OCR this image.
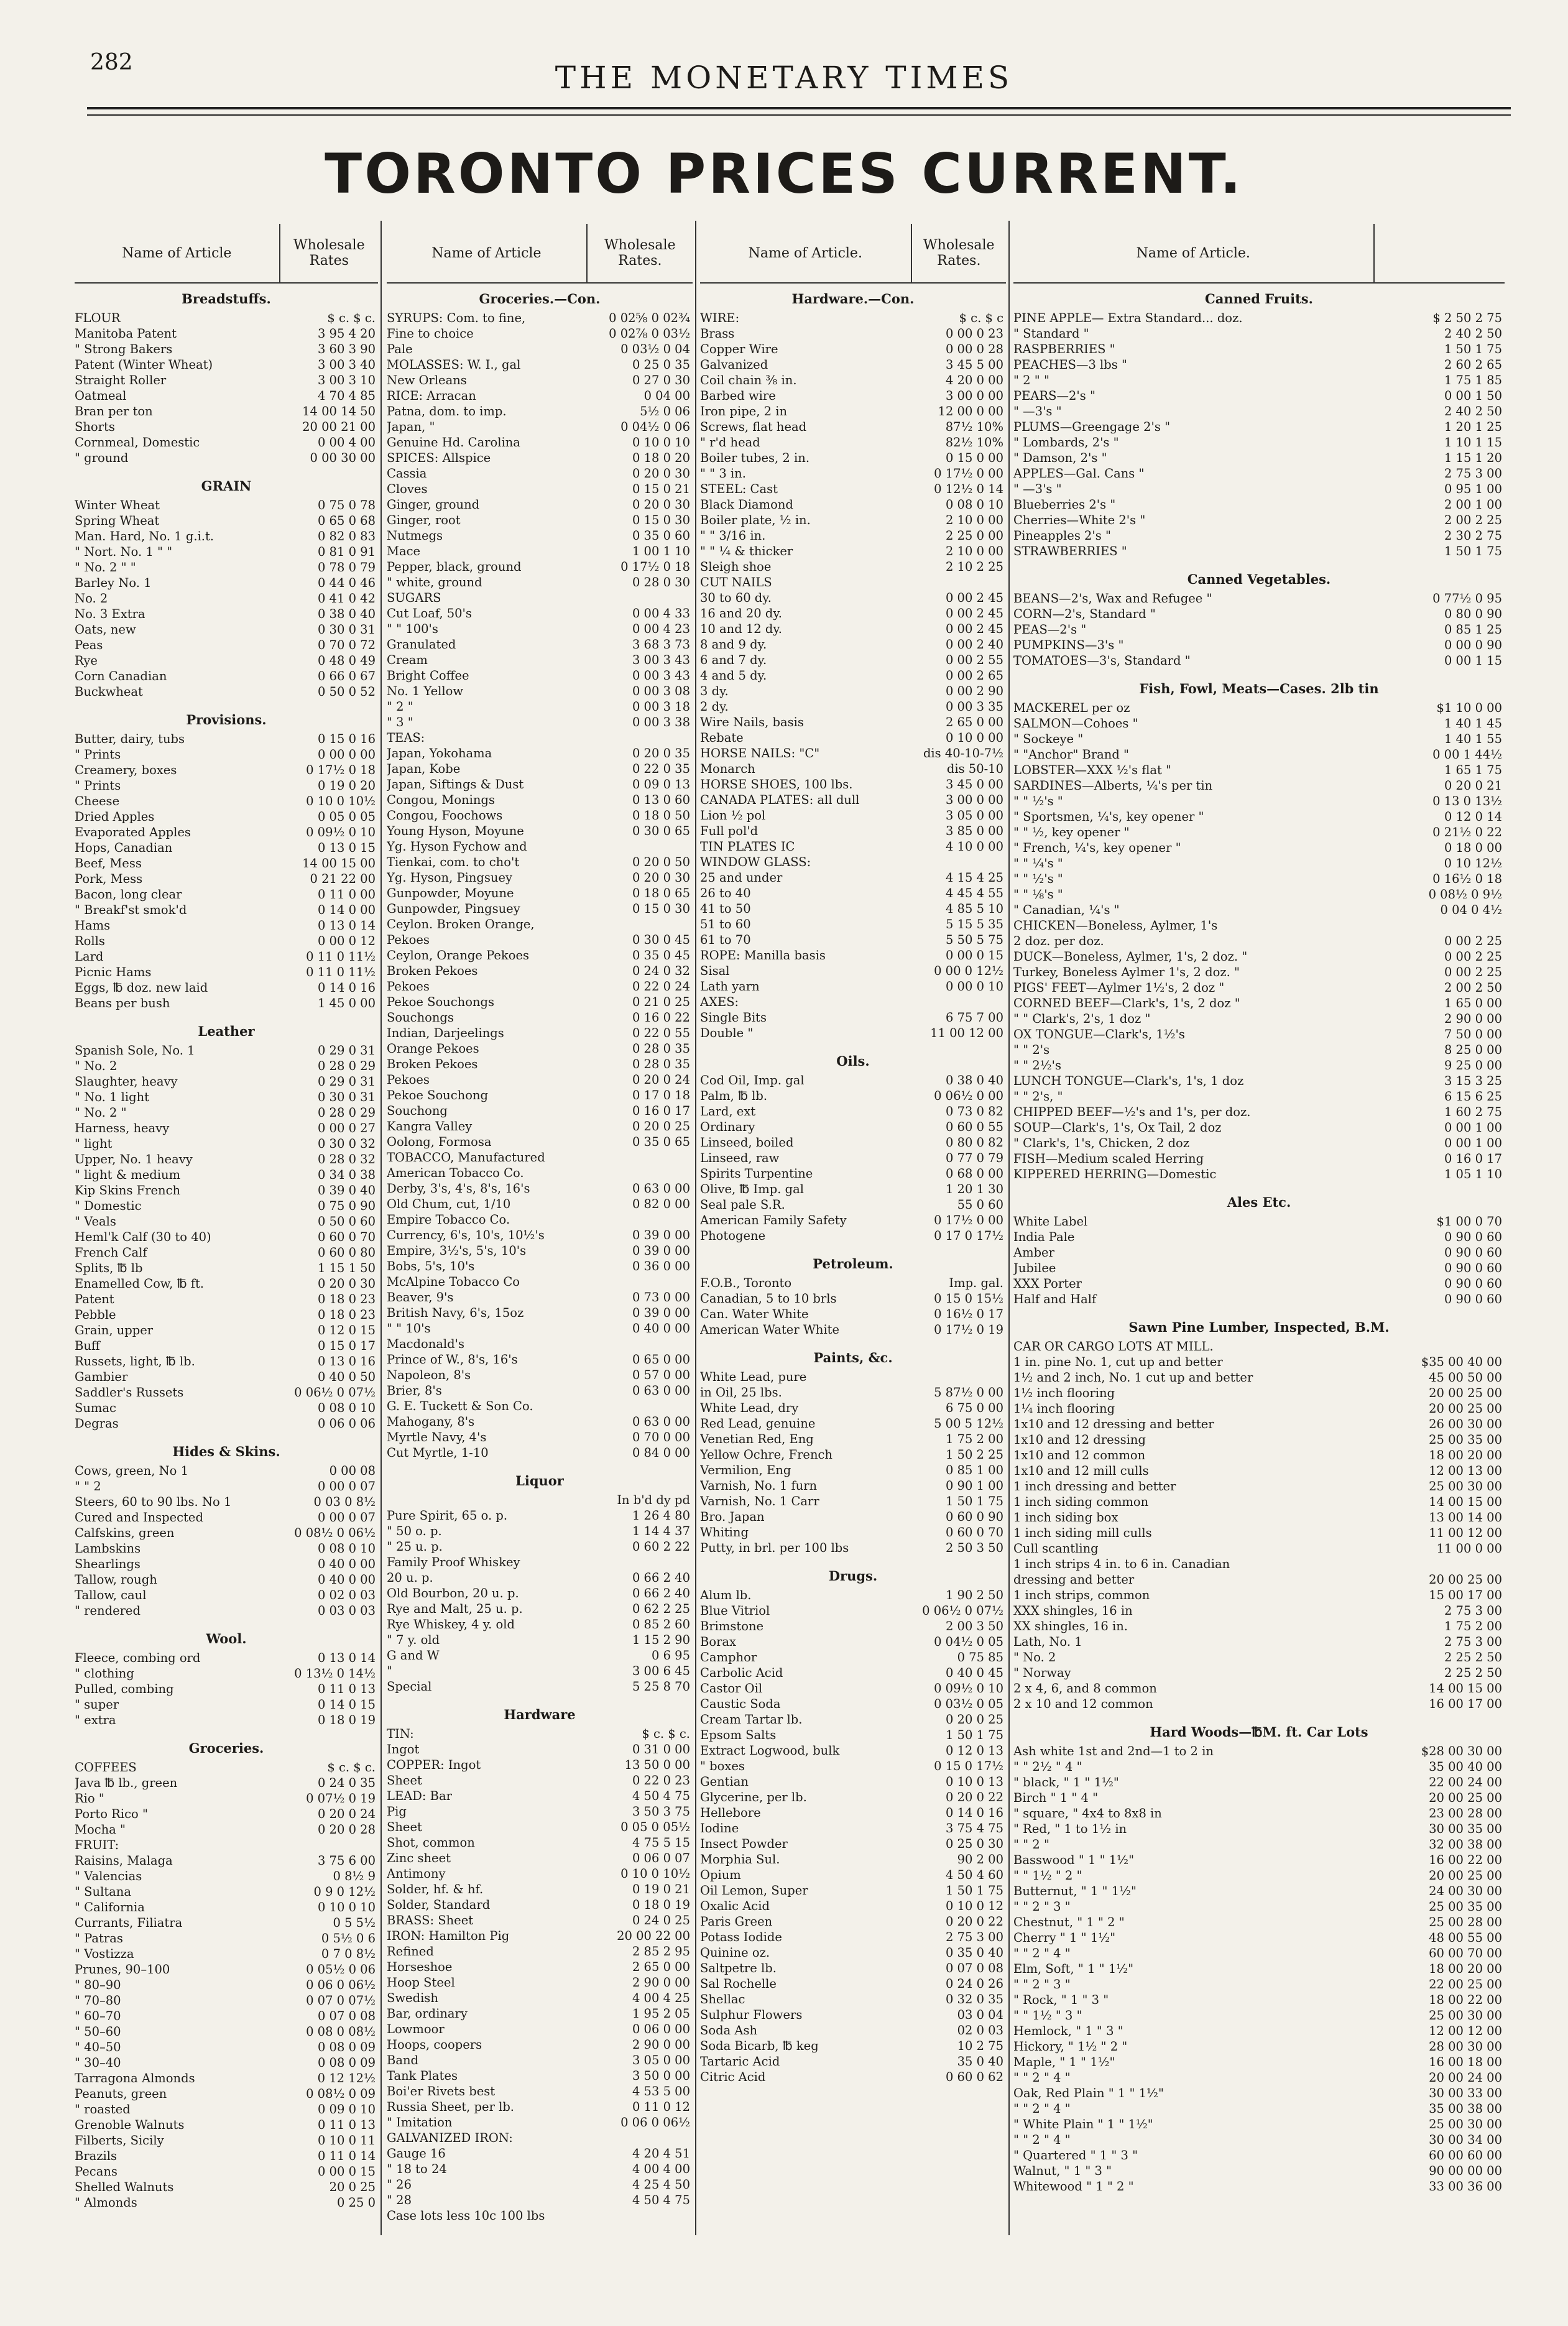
282	THE MONETARY TIMES
TORONTO PRICES CURRENT.
Name of Article	Wholesale Rates
Breadstuffs.
FLOUR	$ c. $ c.
Manitoba Patent	3 95 4 20
" Strong Bakers	3 60 3 90
Patent (Winter Wheat)	3 00 3 40
Straight Roller	3 00 3 10
Oatmeal	4 70 4 85
Bran per ton	14 00 14 50
Shorts	20 00 21 00
Cornmeal, Domestic	0 00 4 00
" ground	0 00 30 00
GRAIN
Winter Wheat	0 75 0 78
Spring Wheat	0 65 0 68
Man. Hard, No. 1 g.i.t.	0 82 0 83
" Nort. No. 1 " "	0 81 0 91
" No. 2 " "	0 78 0 79
Barley No. 1	0 44 0 46
No. 2	0 41 0 42
No. 3 Extra	0 38 0 40
Oats, new	0 30 0 31
Peas	0 70 0 72
Rye	0 48 0 49
Corn Canadian	0 66 0 67
Buckwheat	0 50 0 52
Provisions.
Butter, dairy, tubs	0 15 0 16
" Prints	0 00 0 00
Creamery, boxes	0 17½ 0 18
" Prints	0 19 0 20
Cheese	0 10 0 10½
Dried Apples	0 05 0 05
Evaporated Apples	0 09½ 0 10
Hops, Canadian	0 13 0 15
Beef, Mess	14 00 15 00
Pork, Mess	0 21 22 00
Bacon, long clear	0 11 0 00
" Breakf'st smok'd	0 14 0 00
Hams	0 13 0 14
Rolls	0 00 0 12
Lard	0 11 0 11½
Picnic Hams	0 11 0 11½
Eggs, ℔ doz. new laid	0 14 0 16
Beans per bush	1 45 0 00
Leather
Spanish Sole, No. 1	0 29 0 31
" No. 2	0 28 0 29
Slaughter, heavy	0 29 0 31
" No. 1 light	0 30 0 31
" No. 2 "	0 28 0 29
Harness, heavy	0 00 0 27
" light	0 30 0 32
Upper, No. 1 heavy	0 28 0 32
" light & medium	0 34 0 38
Kip Skins French	0 39 0 40
" Domestic	0 75 0 90
" Veals	0 50 0 60
Heml'k Calf (30 to 40)	0 60 0 70
French Calf	0 60 0 80
Splits, ℔ lb	1 15 1 50
Enamelled Cow, ℔ ft.	0 20 0 30
Patent	0 18 0 23
Pebble	0 18 0 23
Grain, upper	0 12 0 15
Buff	0 15 0 17
Russets, light, ℔ lb.	0 13 0 16
Gambier	0 40 0 50
Saddler's Russets	0 06½ 0 07½
Sumac	0 08 0 10
Degras	0 06 0 06
Hides & Skins.
Cows, green, No 1	0 00 08
" " 2	0 00 0 07
Steers, 60 to 90 lbs. No 1	0 03 0 8½
Cured and Inspected	0 00 0 07
Calfskins, green	0 08½ 0 06½
Lambskins	0 08 0 10
Shearlings	0 40 0 00
Tallow, rough	0 40 0 00
Tallow, caul	0 02 0 03
" rendered	0 03 0 03
Wool.
Fleece, combing ord	0 13 0 14
" clothing	0 13½ 0 14½
Pulled, combing	0 11 0 13
" super	0 14 0 15
" extra	0 18 0 19
Groceries.
COFFEES	$ c. $ c.
Java ℔ lb., green	0 24 0 35
Rio "	0 07½ 0 19
Porto Rico "	0 20 0 24
Mocha "	0 20 0 28
FRUIT:
Raisins, Malaga	3 75 6 00
" Valencias	0 8½ 9
" Sultana	0 9 0 12½
" California	0 10 0 10
Currants, Filiatra	0 5 5½
" Patras	0 5½ 0 6
" Vostizza	0 7 0 8½
Prunes, 90–100	0 05½ 0 06
" 80–90	0 06 0 06½
" 70–80	0 07 0 07½
" 60–70	0 07 0 08
" 50–60	0 08 0 08½
" 40–50	0 08 0 09
" 30–40	0 08 0 09
Tarragona Almonds	0 12 12½
Peanuts, green	0 08½ 0 09
" roasted	0 09 0 10
Grenoble Walnuts	0 11 0 13
Filberts, Sicily	0 10 0 11
Brazils	0 11 0 14
Pecans	0 00 0 15
Shelled Walnuts	20 0 25
" Almonds	0 25 0
Name of Article	Wholesale Rates.
Groceries.—Con.
SYRUPS: Com. to fine,	0 02⅝ 0 02¾
Fine to choice	0 02⅞ 0 03½
Pale	0 03½ 0 04
MOLASSES: W. I., gal	0 25 0 35
New Orleans	0 27 0 30
RICE: Arracan	0 04 00
Patna, dom. to imp.	5½ 0 06
Japan, "	0 04½ 0 06
Genuine Hd. Carolina	0 10 0 10
SPICES: Allspice	0 18 0 20
Cassia	0 20 0 30
Cloves	0 15 0 21
Ginger, ground	0 20 0 30
Ginger, root	0 15 0 30
Nutmegs	0 35 0 60
Mace	1 00 1 10
Pepper, black, ground	0 17½ 0 18
" white, ground	0 28 0 30
SUGARS
Cut Loaf, 50's	0 00 4 33
" " 100's	0 00 4 23
Granulated	3 68 3 73
Cream	3 00 3 43
Bright Coffee	0 00 3 43
No. 1 Yellow	0 00 3 08
" 2 "	0 00 3 18
" 3 "	0 00 3 38
TEAS:
Japan, Yokohama	0 20 0 35
Japan, Kobe	0 22 0 35
Japan, Siftings & Dust	0 09 0 13
Congou, Monings	0 13 0 60
Congou, Foochows	0 18 0 50
Young Hyson, Moyune	0 30 0 65
Yg. Hyson Fychow and
Tienkai, com. to cho't	0 20 0 50
Yg. Hyson, Pingsuey	0 20 0 30
Gunpowder, Moyune	0 18 0 65
Gunpowder, Pingsuey	0 15 0 30
Ceylon. Broken Orange,
Pekoes	0 30 0 45
Ceylon, Orange Pekoes	0 35 0 45
Broken Pekoes	0 24 0 32
Pekoes	0 22 0 24
Pekoe Souchongs	0 21 0 25
Souchongs	0 16 0 22
Indian, Darjeelings	0 22 0 55
Orange Pekoes	0 28 0 35
Broken Pekoes	0 28 0 35
Pekoes	0 20 0 24
Pekoe Souchong	0 17 0 18
Souchong	0 16 0 17
Kangra Valley	0 20 0 25
Oolong, Formosa	0 35 0 65
TOBACCO, Manufactured
American Tobacco Co.
Derby, 3's, 4's, 8's, 16's	0 63 0 00
Old Chum, cut, 1/10	0 82 0 00
Empire Tobacco Co.
Currency, 6's, 10's, 10½'s	0 39 0 00
Empire, 3½'s, 5's, 10's	0 39 0 00
Bobs, 5's, 10's	0 36 0 00
McAlpine Tobacco Co
Beaver, 9's	0 73 0 00
British Navy, 6's, 15oz	0 39 0 00
" " 10's	0 40 0 00
Macdonald's
Prince of W., 8's, 16's	0 65 0 00
Napoleon, 8's	0 57 0 00
Brier, 8's	0 63 0 00
G. E. Tuckett & Son Co.
Mahogany, 8's	0 63 0 00
Myrtle Navy, 4's	0 70 0 00
Cut Myrtle, 1-10	0 84 0 00
Liquor
In b'd dy pd
Pure Spirit, 65 o. p.	1 26 4 80
" 50 o. p.	1 14 4 37
" 25 u. p.	0 60 2 22
Family Proof Whiskey
20 u. p.	0 66 2 40
Old Bourbon, 20 u. p.	0 66 2 40
Rye and Malt, 25 u. p.	0 62 2 25
Rye Whiskey, 4 y. old	0 85 2 60
" 7 y. old	1 15 2 90
G and W	0 6 95
"	3 00 6 45
Special	5 25 8 70
Hardware
TIN:	$ c. $ c.
Ingot	0 31 0 00
COPPER: Ingot	13 50 0 00
Sheet	0 22 0 23
LEAD: Bar	4 50 4 75
Pig	3 50 3 75
Sheet	0 05 0 05½
Shot, common	4 75 5 15
Zinc sheet	0 06 0 07
Antimony	0 10 0 10½
Solder, hf. & hf.	0 19 0 21
Solder, Standard	0 18 0 19
BRASS: Sheet	0 24 0 25
IRON: Hamilton Pig	20 00 22 00
Refined	2 85 2 95
Horseshoe	2 65 0 00
Hoop Steel	2 90 0 00
Swedish	4 00 4 25
Bar, ordinary	1 95 2 05
Lowmoor	0 06 0 00
Hoops, coopers	2 90 0 00
Band	3 05 0 00
Tank Plates	3 50 0 00
Boi'er Rivets best	4 53 5 00
Russia Sheet, per lb.	0 11 0 12
" Imitation	0 06 0 06½
GALVANIZED IRON:
Gauge 16	4 20 4 51
" 18 to 24	4 00 4 00
" 26	4 25 4 50
" 28	4 50 4 75
Case lots less 10c 100 lbs
Name of Article.	Wholesale Rates.
Hardware.—Con.
WIRE:	$ c. $ c
Brass	0 00 0 23
Copper Wire	0 00 0 28
Galvanized	3 45 5 00
Coil chain ⅜ in.	4 20 0 00
Barbed wire	3 00 0 00
Iron pipe, 2 in	12 00 0 00
Screws, flat head	87½ 10%
" r'd head	82½ 10%
Boiler tubes, 2 in.	0 15 0 00
" " 3 in.	0 17½ 0 00
STEEL: Cast	0 12½ 0 14
Black Diamond	0 08 0 10
Boiler plate, ½ in.	2 10 0 00
" " 3/16 in.	2 25 0 00
" " ¼ & thicker	2 10 0 00
Sleigh shoe	2 10 2 25
CUT NAILS
30 to 60 dy.	0 00 2 45
16 and 20 dy.	0 00 2 45
10 and 12 dy.	0 00 2 45
8 and 9 dy.	0 00 2 40
6 and 7 dy.	0 00 2 55
4 and 5 dy.	0 00 2 65
3 dy.	0 00 2 90
2 dy.	0 00 3 35
Wire Nails, basis	2 65 0 00
Rebate	0 10 0 00
HORSE NAILS: "C"	dis 40-10-7½
Monarch	dis 50-10
HORSE SHOES, 100 lbs.	3 45 0 00
CANADA PLATES: all dull	3 00 0 00
Lion ½ pol	3 05 0 00
Full pol'd	3 85 0 00
TIN PLATES IC	4 10 0 00
WINDOW GLASS:
25 and under	4 15 4 25
26 to 40	4 45 4 55
41 to 50	4 85 5 10
51 to 60	5 15 5 35
61 to 70	5 50 5 75
ROPE: Manilla basis	0 00 0 15
Sisal	0 00 0 12½
Lath yarn	0 00 0 10
AXES:
Single Bits	6 75 7 00
Double "	11 00 12 00
Oils.
Cod Oil, Imp. gal	0 38 0 40
Palm, ℔ lb.	0 06½ 0 00
Lard, ext	0 73 0 82
Ordinary	0 60 0 55
Linseed, boiled	0 80 0 82
Linseed, raw	0 77 0 79
Spirits Turpentine	0 68 0 00
Olive, ℔ Imp. gal	1 20 1 30
Seal pale S.R.	55 0 60
American Family Safety	0 17½ 0 00
Photogene	0 17 0 17½
Petroleum.
F.O.B., Toronto	Imp. gal.
Canadian, 5 to 10 brls	0 15 0 15½
Can. Water White	0 16½ 0 17
American Water White	0 17½ 0 19
Paints, &c.
White Lead, pure
in Oil, 25 lbs.	5 87½ 0 00
White Lead, dry	6 75 0 00
Red Lead, genuine	5 00 5 12½
Venetian Red, Eng	1 75 2 00
Yellow Ochre, French	1 50 2 25
Vermilion, Eng	0 85 1 00
Varnish, No. 1 furn	0 90 1 00
Varnish, No. 1 Carr	1 50 1 75
Bro. Japan	0 60 0 90
Whiting	0 60 0 70
Putty, in brl. per 100 lbs	2 50 3 50
Drugs.
Alum lb.	1 90 2 50
Blue Vitriol	0 06½ 0 07½
Brimstone	2 00 3 50
Borax	0 04½ 0 05
Camphor	0 75 85
Carbolic Acid	0 40 0 45
Castor Oil	0 09½ 0 10
Caustic Soda	0 03½ 0 05
Cream Tartar lb.	0 20 0 25
Epsom Salts	1 50 1 75
Extract Logwood, bulk	0 12 0 13
" boxes	0 15 0 17½
Gentian	0 10 0 13
Glycerine, per lb.	0 20 0 22
Hellebore	0 14 0 16
Iodine	3 75 4 75
Insect Powder	0 25 0 30
Morphia Sul.	90 2 00
Opium	4 50 4 60
Oil Lemon, Super	1 50 1 75
Oxalic Acid	0 10 0 12
Paris Green	0 20 0 22
Potass Iodide	2 75 3 00
Quinine oz.	0 35 0 40
Saltpetre lb.	0 07 0 08
Sal Rochelle	0 24 0 26
Shellac	0 32 0 35
Sulphur Flowers	03 0 04
Soda Ash	02 0 03
Soda Bicarb, ℔ keg	10 2 75
Tartaric Acid	35 0 40
Citric Acid	0 60 0 62
Name of Article.
Canned Fruits.
PINE APPLE— Extra Standard... doz.	$ 2 50 2 75
" Standard "	2 40 2 50
RASPBERRIES "	1 50 1 75
PEACHES—3 lbs "	2 60 2 65
" 2 " "	1 75 1 85
PEARS—2's "	0 00 1 50
" —3's "	2 40 2 50
PLUMS—Greengage 2's "	1 20 1 25
" Lombards, 2's "	1 10 1 15
" Damson, 2's "	1 15 1 20
APPLES—Gal. Cans "	2 75 3 00
" —3's "	0 95 1 00
Blueberries 2's "	2 00 1 00
Cherries—White 2's "	2 00 2 25
Pineapples 2's "	2 30 2 75
STRAWBERRIES "	1 50 1 75
Canned Vegetables.
BEANS—2's, Wax and Refugee "	0 77½ 0 95
CORN—2's, Standard "	0 80 0 90
PEAS—2's "	0 85 1 25
PUMPKINS—3's "	0 00 0 90
TOMATOES—3's, Standard "	0 00 1 15
Fish, Fowl, Meats—Cases. 2lb tin
MACKEREL per oz	$1 10 0 00
SALMON—Cohoes "	1 40 1 45
" Sockeye "	1 40 1 55
" "Anchor" Brand "	0 00 1 44½
LOBSTER—XXX ½'s flat "	1 65 1 75
SARDINES—Alberts, ¼'s per tin	0 20 0 21
" " ½'s "	0 13 0 13½
" Sportsmen, ¼'s, key opener "	0 12 0 14
" " ½, key opener "	0 21½ 0 22
" French, ¼'s, key opener "	0 18 0 00
" " ¼'s "	0 10 12½
" " ½'s "	0 16½ 0 18
" " ⅛'s "	0 08½ 0 9½
" Canadian, ¼'s "	0 04 0 4½
CHICKEN—Boneless, Aylmer, 1's
2 doz. per doz.	0 00 2 25
DUCK—Boneless, Aylmer, 1's, 2 doz. "	0 00 2 25
Turkey, Boneless Aylmer 1's, 2 doz. "	0 00 2 25
PIGS' FEET—Aylmer 1½'s, 2 doz "	2 00 2 50
CORNED BEEF—Clark's, 1's, 2 doz "	1 65 0 00
" " Clark's, 2's, 1 doz "	2 90 0 00
OX TONGUE—Clark's, 1½'s	7 50 0 00
" " 2's	8 25 0 00
" " 2½'s	9 25 0 00
LUNCH TONGUE—Clark's, 1's, 1 doz	3 15 3 25
" " 2's, "	6 15 6 25
CHIPPED BEEF—½'s and 1's, per doz.	1 60 2 75
SOUP—Clark's, 1's, Ox Tail, 2 doz	0 00 1 00
" Clark's, 1's, Chicken, 2 doz	0 00 1 00
FISH—Medium scaled Herring	0 16 0 17
KIPPERED HERRING—Domestic	1 05 1 10
Ales Etc.
White Label	$1 00 0 70
India Pale	0 90 0 60
Amber	0 90 0 60
Jubilee	0 90 0 60
XXX Porter	0 90 0 60
Half and Half	0 90 0 60
Sawn Pine Lumber, Inspected, B.M.
CAR OR CARGO LOTS AT MILL.
1 in. pine No. 1, cut up and better	$35 00 40 00
1½ and 2 inch, No. 1 cut up and better	45 00 50 00
1½ inch flooring	20 00 25 00
1¼ inch flooring	20 00 25 00
1x10 and 12 dressing and better	26 00 30 00
1x10 and 12 dressing	25 00 35 00
1x10 and 12 common	18 00 20 00
1x10 and 12 mill culls	12 00 13 00
1 inch dressing and better	25 00 30 00
1 inch siding common	14 00 15 00
1 inch siding box	13 00 14 00
1 inch siding mill culls	11 00 12 00
Cull scantling	11 00 0 00
1 inch strips 4 in. to 6 in. Canadian
dressing and better	20 00 25 00
1 inch strips, common	15 00 17 00
XXX shingles, 16 in	2 75 3 00
XX shingles, 16 in.	1 75 2 00
Lath, No. 1	2 75 3 00
" No. 2	2 25 2 50
" Norway	2 25 2 50
2 x 4, 6, and 8 common	14 00 15 00
2 x 10 and 12 common	16 00 17 00
Hard Woods—℔M. ft. Car Lots
Ash white 1st and 2nd—1 to 2 in	$28 00 30 00
" " 2½ " 4 "	35 00 40 00
" black, " 1 " 1½"	22 00 24 00
Birch " 1 " 4 "	20 00 25 00
" square, " 4x4 to 8x8 in	23 00 28 00
" Red, " 1 to 1½ in	30 00 35 00
" " 2 "	32 00 38 00
Basswood " 1 " 1½"	16 00 22 00
" " 1½ " 2 "	20 00 25 00
Butternut, " 1 " 1½"	24 00 30 00
" " 2 " 3 "	25 00 35 00
Chestnut, " 1 " 2 "	25 00 28 00
Cherry " 1 " 1½"	48 00 55 00
" " 2 " 4 "	60 00 70 00
Elm, Soft, " 1 " 1½"	18 00 20 00
" " 2 " 3 "	22 00 25 00
" Rock, " 1 " 3 "	18 00 22 00
" " 1½ " 3 "	25 00 30 00
Hemlock, " 1 " 3 "	12 00 12 00
Hickory, " 1½ " 2 "	28 00 30 00
Maple, " 1 " 1½"	16 00 18 00
" " 2 " 4 "	20 00 24 00
Oak, Red Plain " 1 " 1½"	30 00 33 00
" " 2 " 4 "	35 00 38 00
" White Plain " 1 " 1½"	25 00 30 00
" " 2 " 4 "	30 00 34 00
" Quartered " 1 " 3 "	60 00 60 00
Walnut, " 1 " 3 "	90 00 00 00
Whitewood " 1 " 2 "	33 00 36 00
